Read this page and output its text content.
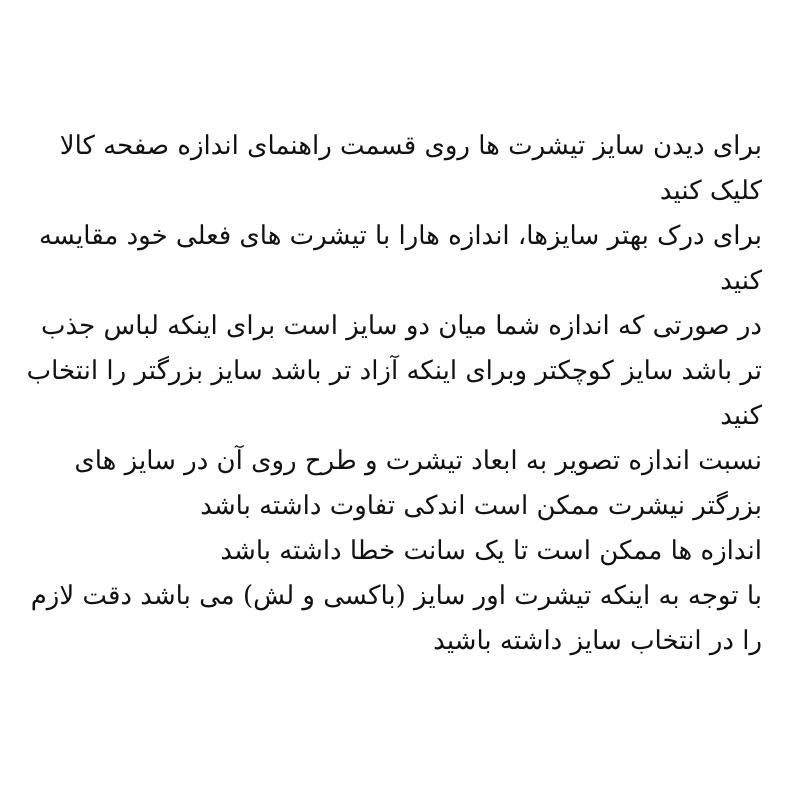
برای دیدن سایز تیشرت ها روی قسمت راهنمای اندازه صفحه کالا
کلیک کنید
برای درک بهتر سایزها، اندازه هارا با تیشرت های فعلی خود مقایسه
کنید
در صورتی که اندازه شما میان دو سایز است برای اینکه لباس جذب
تر باشد سایز کوچکتر وبرای اینکه آزاد تر باشد سایز بزرگتر را انتخاب
کنید
نسبت اندازه تصویر به ابعاد تیشرت و طرح روی آن در سایز های
بزرگتر نیشرت ممکن است اندکی تفاوت داشته باشد
اندازه ها ممکن است تا یک سانت خطا داشته باشد
با توجه به اینکه تیشرت اور سایز (باکسی و لش) می باشد دقت لازم
را در انتخاب سایز داشته باشید
